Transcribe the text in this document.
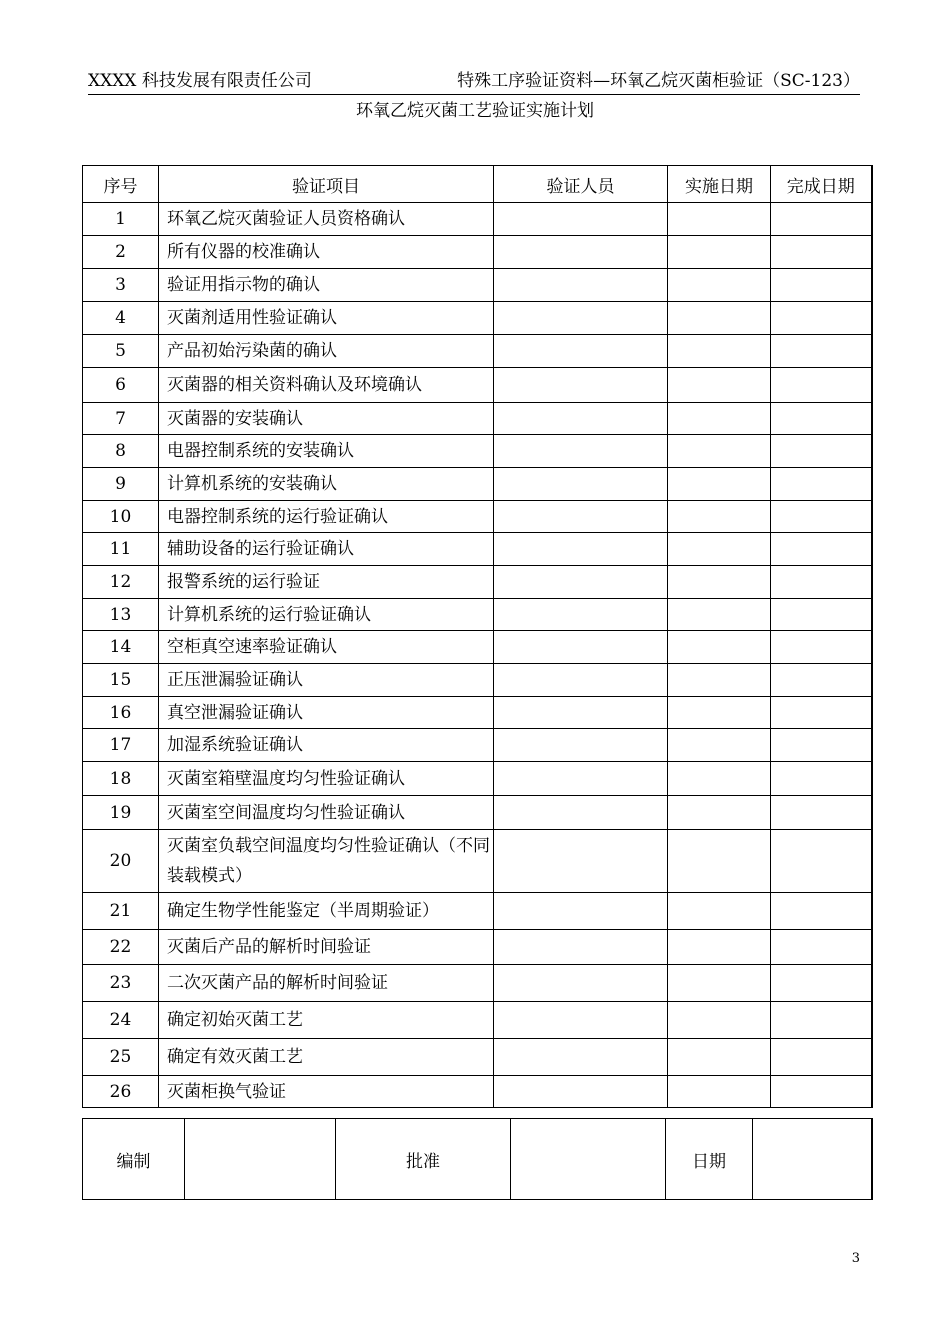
XXXX 科技发展有限责任公司	特殊工序验证资料—环氧乙烷灭菌柜验证（SC-123）
环氧乙烷灭菌工艺验证实施计划
序号	验证项目	验证人员	实施日期	完成日期
1	环氧乙烷灭菌验证人员资格确认			
2	所有仪器的校准确认			
3	验证用指示物的确认			
4	灭菌剂适用性验证确认			
5	产品初始污染菌的确认			
6	灭菌器的相关资料确认及环境确认			
7	灭菌器的安装确认			
8	电器控制系统的安装确认			
9	计算机系统的安装确认			
10	电器控制系统的运行验证确认			
11	辅助设备的运行验证确认			
12	报警系统的运行验证			
13	计算机系统的运行验证确认			
14	空柜真空速率验证确认			
15	正压泄漏验证确认			
16	真空泄漏验证确认			
17	加湿系统验证确认			
18	灭菌室箱壁温度均匀性验证确认			
19	灭菌室空间温度均匀性验证确认			
20	灭菌室负载空间温度均匀性验证确认（不同装载模式）			
21	确定生物学性能鉴定（半周期验证）			
22	灭菌后产品的解析时间验证			
23	二次灭菌产品的解析时间验证			
24	确定初始灭菌工艺			
25	确定有效灭菌工艺			
26	灭菌柜换气验证			
编制		批准		日期	
3
